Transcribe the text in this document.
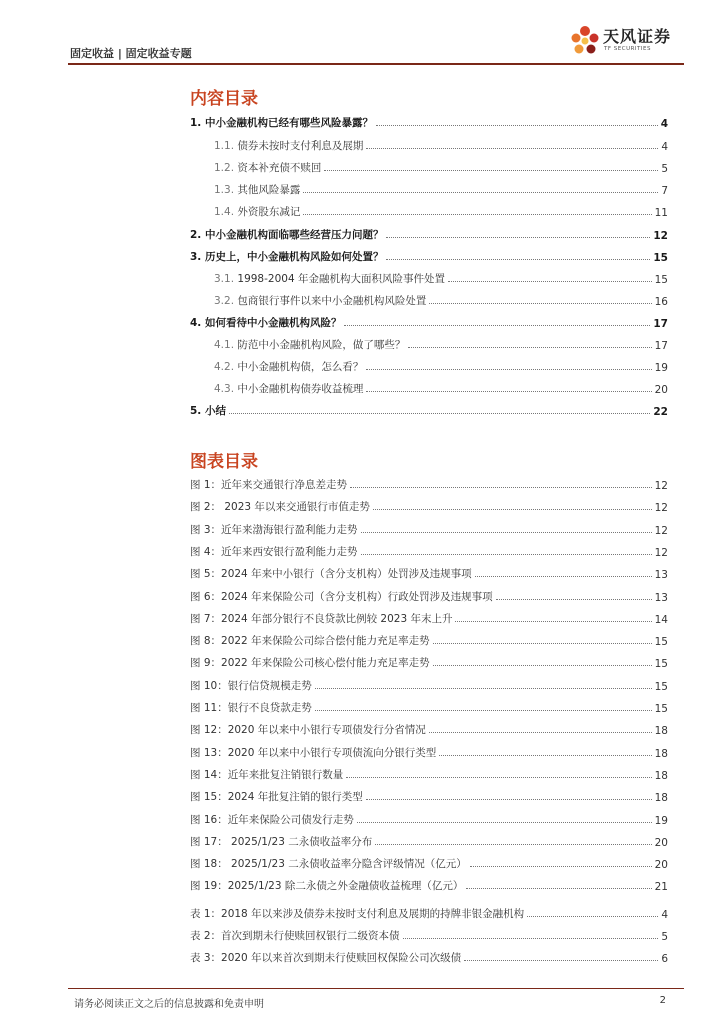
固定收益 | 固定收益专题
天风证券
TF SECURITIES
内容目录
1. 中小金融机构已经有哪些风险暴露？	4
1.1. 债券未按时支付利息及展期	4
1.2. 资本补充债不赎回	5
1.3. 其他风险暴露	7
1.4. 外资股东减记	11
2. 中小金融机构面临哪些经营压力问题？	12
3. 历史上，中小金融机构风险如何处置？	15
3.1. 1998-2004 年金融机构大面积风险事件处置	15
3.2. 包商银行事件以来中小金融机构风险处置	16
4. 如何看待中小金融机构风险？	17
4.1. 防范中小金融机构风险，做了哪些？	17
4.2. 中小金融机构债，怎么看？	19
4.3. 中小金融机构债券收益梳理	20
5. 小结	22
图表目录
图 1：近年来交通银行净息差走势	12
图 2： 2023 年以来交通银行市值走势	12
图 3：近年来渤海银行盈利能力走势	12
图 4：近年来西安银行盈利能力走势	12
图 5：2024 年来中小银行（含分支机构）处罚涉及违规事项	13
图 6：2024 年来保险公司（含分支机构）行政处罚涉及违规事项	13
图 7：2024 年部分银行不良贷款比例较 2023 年末上升	14
图 8：2022 年来保险公司综合偿付能力充足率走势	15
图 9：2022 年来保险公司核心偿付能力充足率走势	15
图 10：银行信贷规模走势	15
图 11：银行不良贷款走势	15
图 12：2020 年以来中小银行专项债发行分省情况	18
图 13：2020 年以来中小银行专项债流向分银行类型	18
图 14：近年来批复注销银行数量	18
图 15：2024 年批复注销的银行类型	18
图 16：近年来保险公司债发行走势	19
图 17： 2025/1/23 二永债收益率分布	20
图 18： 2025/1/23 二永债收益率分隐含评级情况（亿元）	20
图 19：2025/1/23 除二永债之外金融债收益梳理（亿元）	21
表 1：2018 年以来涉及债券未按时支付利息及展期的持牌非银金融机构	4
表 2：首次到期未行使赎回权银行二级资本债	5
表 3：2020 年以来首次到期未行使赎回权保险公司次级债	6
请务必阅读正文之后的信息披露和免责申明	2
